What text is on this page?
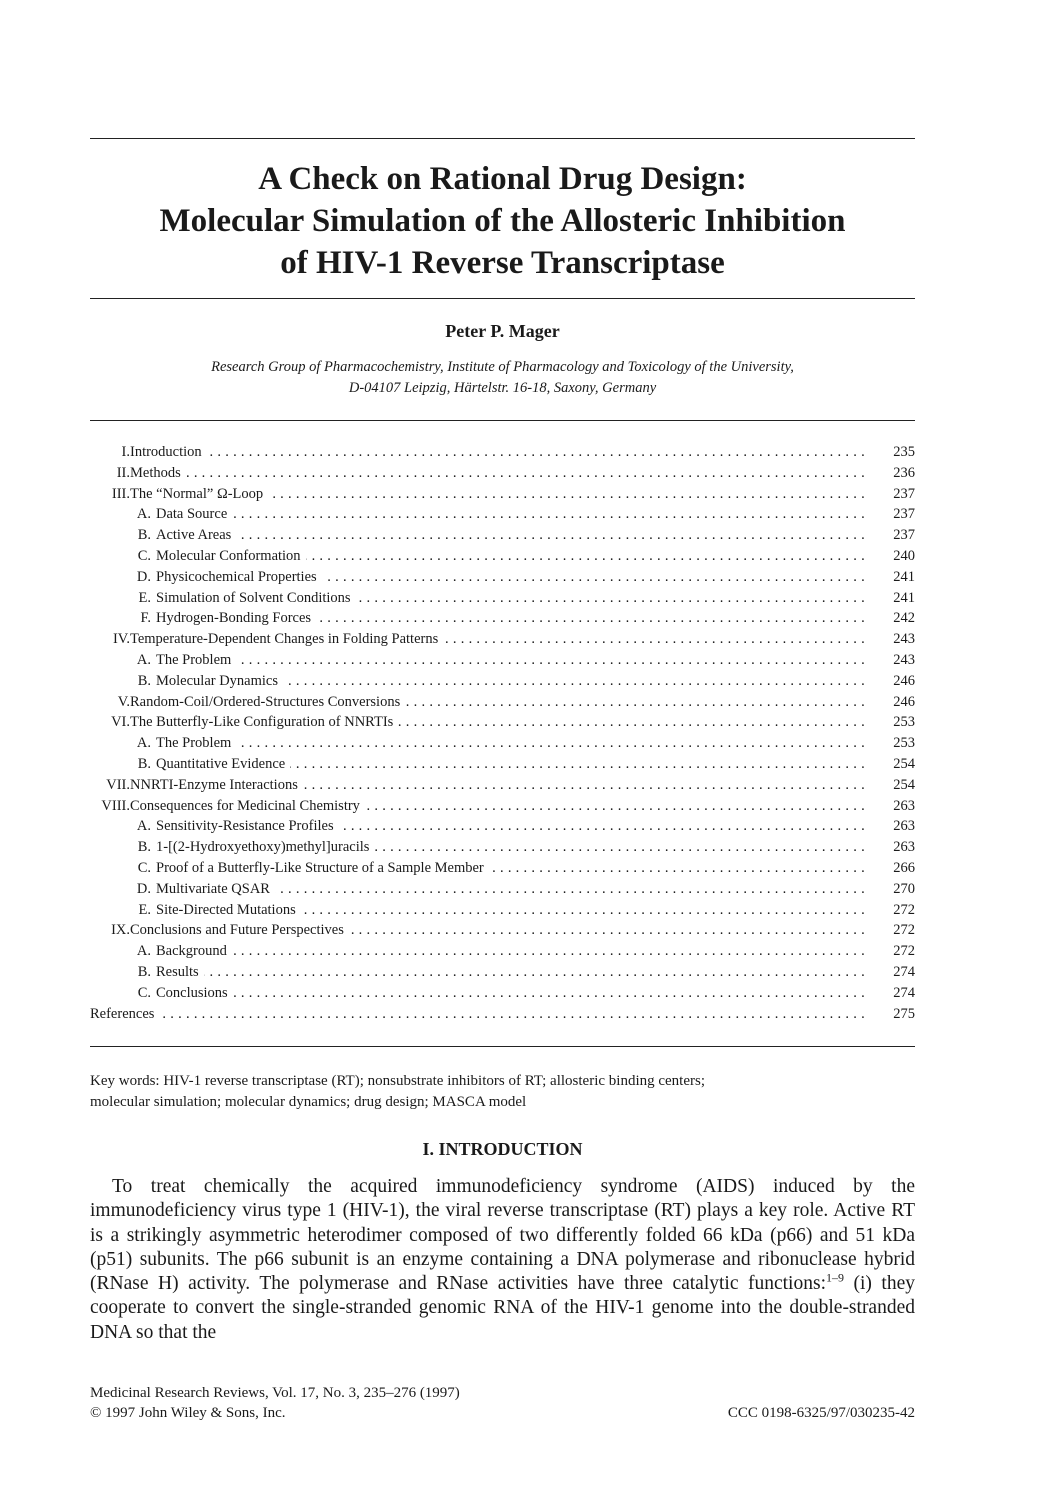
A Check on Rational Drug Design:
Molecular Simulation of the Allosteric Inhibition
of HIV-1 Reverse Transcriptase
Peter P. Mager
Research Group of Pharmacochemistry, Institute of Pharmacology and Toxicology of the University,
D-04107 Leipzig, Härtelstr. 16-18, Saxony, Germany
I. Introduction . . .	235
II. Methods . . .	236
III. The “Normal” Ω-Loop . . .	237
A. Data Source . . .	237
B. Active Areas . . .	237
C. Molecular Conformation . . .	240
D. Physicochemical Properties . . .	241
E. Simulation of Solvent Conditions . . .	241
F. Hydrogen-Bonding Forces . . .	242
IV. Temperature-Dependent Changes in Folding Patterns . . .	243
A. The Problem . . .	243
B. Molecular Dynamics . . .	246
V. Random-Coil/Ordered-Structures Conversions . . .	246
VI. The Butterfly-Like Configuration of NNRTIs . . .	253
A. The Problem . . .	253
B. Quantitative Evidence . . .	254
VII. NNRTI-Enzyme Interactions . . .	254
VIII. Consequences for Medicinal Chemistry . . .	263
A. Sensitivity-Resistance Profiles . . .	263
B. 1-[(2-Hydroxyethoxy)methyl]uracils . . .	263
C. Proof of a Butterfly-Like Structure of a Sample Member . . .	266
D. Multivariate QSAR . . .	270
E. Site-Directed Mutations . . .	272
IX. Conclusions and Future Perspectives . . .	272
A. Background . . .	272
B. Results . . .	274
C. Conclusions . . .	274
References . . .	275
Key words: HIV-1 reverse transcriptase (RT); nonsubstrate inhibitors of RT; allosteric binding centers;
molecular simulation; molecular dynamics; drug design; MASCA model
I. INTRODUCTION
To treat chemically the acquired immunodeficiency syndrome (AIDS) induced by the immunodeficiency virus type 1 (HIV-1), the viral reverse transcriptase (RT) plays a key role. Active RT is a strikingly asymmetric heterodimer composed of two differently folded 66 kDa (p66) and 51 kDa (p51) subunits. The p66 subunit is an enzyme containing a DNA polymerase and ribonuclease hybrid (RNase H) activity. The polymerase and RNase activities have three catalytic functions:$^{1-9}$ (i) they cooperate to convert the single-stranded genomic RNA of the HIV-1 genome into the double-stranded DNA so that the
Medicinal Research Reviews, Vol. 17, No. 3, 235–276 (1997)
© 1997 John Wiley & Sons, Inc.	CCC 0198-6325/97/030235-42
